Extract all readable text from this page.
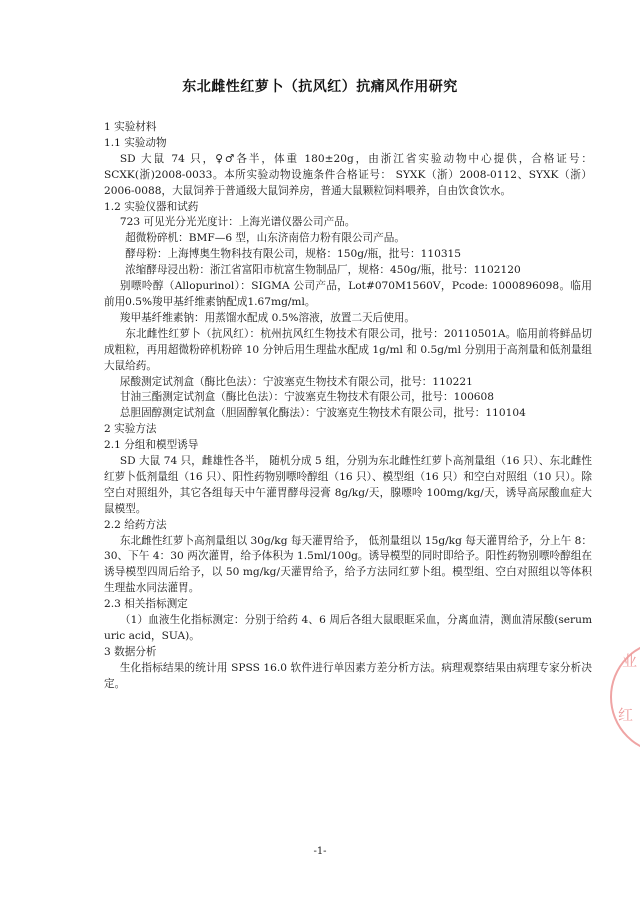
东北雌性红萝卜（抗风红）抗痛风作用研究

1 实验材料

1.1 实验动物

SD 大鼠 74 只，♀♂各半，体重 180±20g，由浙江省实验动物中心提供，合格证号：SCXK(浙)2008-0033。本所实验动物设施条件合格证号： SYXK（浙）2008-0112、SYXK（浙）2006-0088，大鼠饲养于普通级大鼠饲养房，普通大鼠颗粒饲料喂养，自由饮食饮水。

1.2 实验仪器和试药

723 可见光分光光度计：上海光谱仪器公司产品。

超微粉碎机：BMF—6 型，山东济南倍力粉有限公司产品。

酵母粉：上海博奥生物科技有限公司，规格：150g/瓶，批号：110315

浓缩酵母浸出粉：浙江省富阳市杭富生物制品厂，规格：450g/瓶，批号：1102120

别嘌呤醇（Allopurinol）：SIGMA 公司产品，Lot#070M1560V，Pcode: 1000896098。临用前用0.5%羧甲基纤维素钠配成1.67mg/ml。

羧甲基纤维素钠：用蒸馏水配成 0.5%溶液，放置二天后使用。

东北雌性红萝卜（抗风红）：杭州抗风红生物技术有限公司，批号：20110501A。临用前将鲜品切成粗粒，再用超微粉碎机粉碎 10 分钟后用生理盐水配成 1g/ml 和 0.5g/ml 分别用于高剂量和低剂量组大鼠给药。

尿酸测定试剂盒（酶比色法）：宁波塞克生物技术有限公司，批号：110221

甘油三酯测定试剂盒（酶比色法）：宁波塞克生物技术有限公司，批号：100608

总胆固醇测定试剂盒（胆固醇氧化酶法）：宁波塞克生物技术有限公司，批号：110104

2 实验方法

2.1 分组和模型诱导

SD 大鼠 74 只，雌雄性各半， 随机分成 5 组，分别为东北雌性红萝卜高剂量组（16 只）、东北雌性红萝卜低剂量组（16 只）、阳性药物别嘌呤醇组（16 只）、模型组（16 只）和空白对照组（10 只）。除空白对照组外，其它各组每天中午灌胃酵母浸膏 8g/kg/天，腺嘌呤 100mg/kg/天，诱导高尿酸血症大鼠模型。

2.2 给药方法

东北雌性红萝卜高剂量组以 30g/kg 每天灌胃给予， 低剂量组以 15g/kg 每天灌胃给予，分上午 8：30、下午 4：30 两次灌胃，给予体积为 1.5ml/100g。诱导模型的同时即给予。阳性药物别嘌呤醇组在诱导模型四周后给予，以 50 mg/kg/天灌胃给予，给予方法同红萝卜组。模型组、空白对照组以等体积生理盐水同法灌胃。

2.3 相关指标测定

（1）血液生化指标测定：分别于给药 4、6 周后各组大鼠眼眶采血，分离血清，测血清尿酸(serum uric acid，SUA)。

3 数据分析

生化指标结果的统计用 SPSS 16.0 软件进行单因素方差分析方法。病理观察结果由病理专家分析决定。

-1-
业
红
